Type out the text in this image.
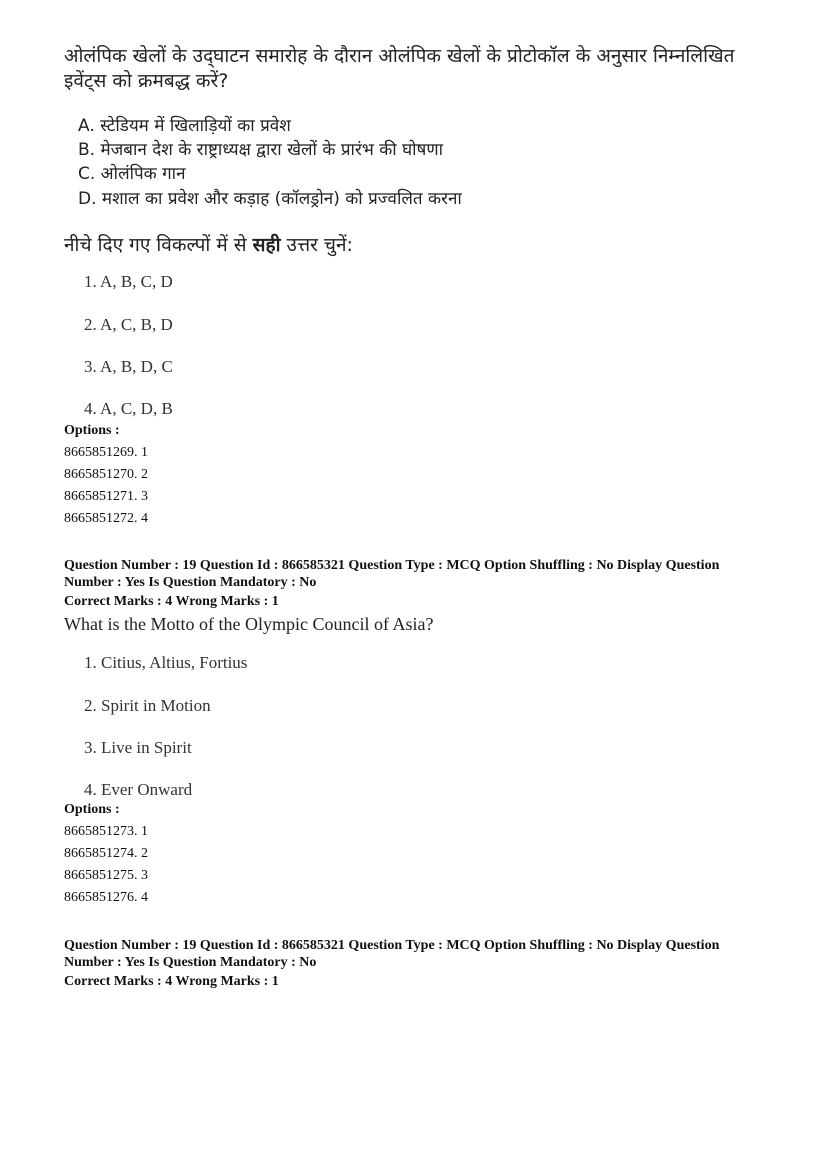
ओलंपिक खेलों के उद्‌घाटन समारोह के दौरान ओलंपिक खेलों के प्रोटोकॉल के अनुसार निम्नलिखित
इवेंट्स को क्रमबद्ध करें?
A. स्टेडियम में खिलाड़ियों का प्रवेश
B. मेजबान देश के राष्ट्राध्यक्ष द्वारा खेलों के प्रारंभ की घोषणा
C. ओलंपिक गान
D. मशाल का प्रवेश और कड़ाह (कॉलड्रोन) को प्रज्वलित करना
नीचे दिए गए विकल्पों में से सही उत्तर चुनें:
1. A, B, C, D
2. A, C, B, D
3. A, B, D, C
4. A, C, D, B
Options :
8665851269. 1
8665851270. 2
8665851271. 3
8665851272. 4
Question Number : 19 Question Id : 866585321 Question Type : MCQ Option Shuffling : No Display Question Number : Yes Is Question Mandatory : No
Correct Marks : 4 Wrong Marks : 1
What is the Motto of the Olympic Council of Asia?
1. Citius, Altius, Fortius
2. Spirit in Motion
3. Live in Spirit
4. Ever Onward
Options :
8665851273. 1
8665851274. 2
8665851275. 3
8665851276. 4
Question Number : 19 Question Id : 866585321 Question Type : MCQ Option Shuffling : No Display Question Number : Yes Is Question Mandatory : No
Correct Marks : 4 Wrong Marks : 1
